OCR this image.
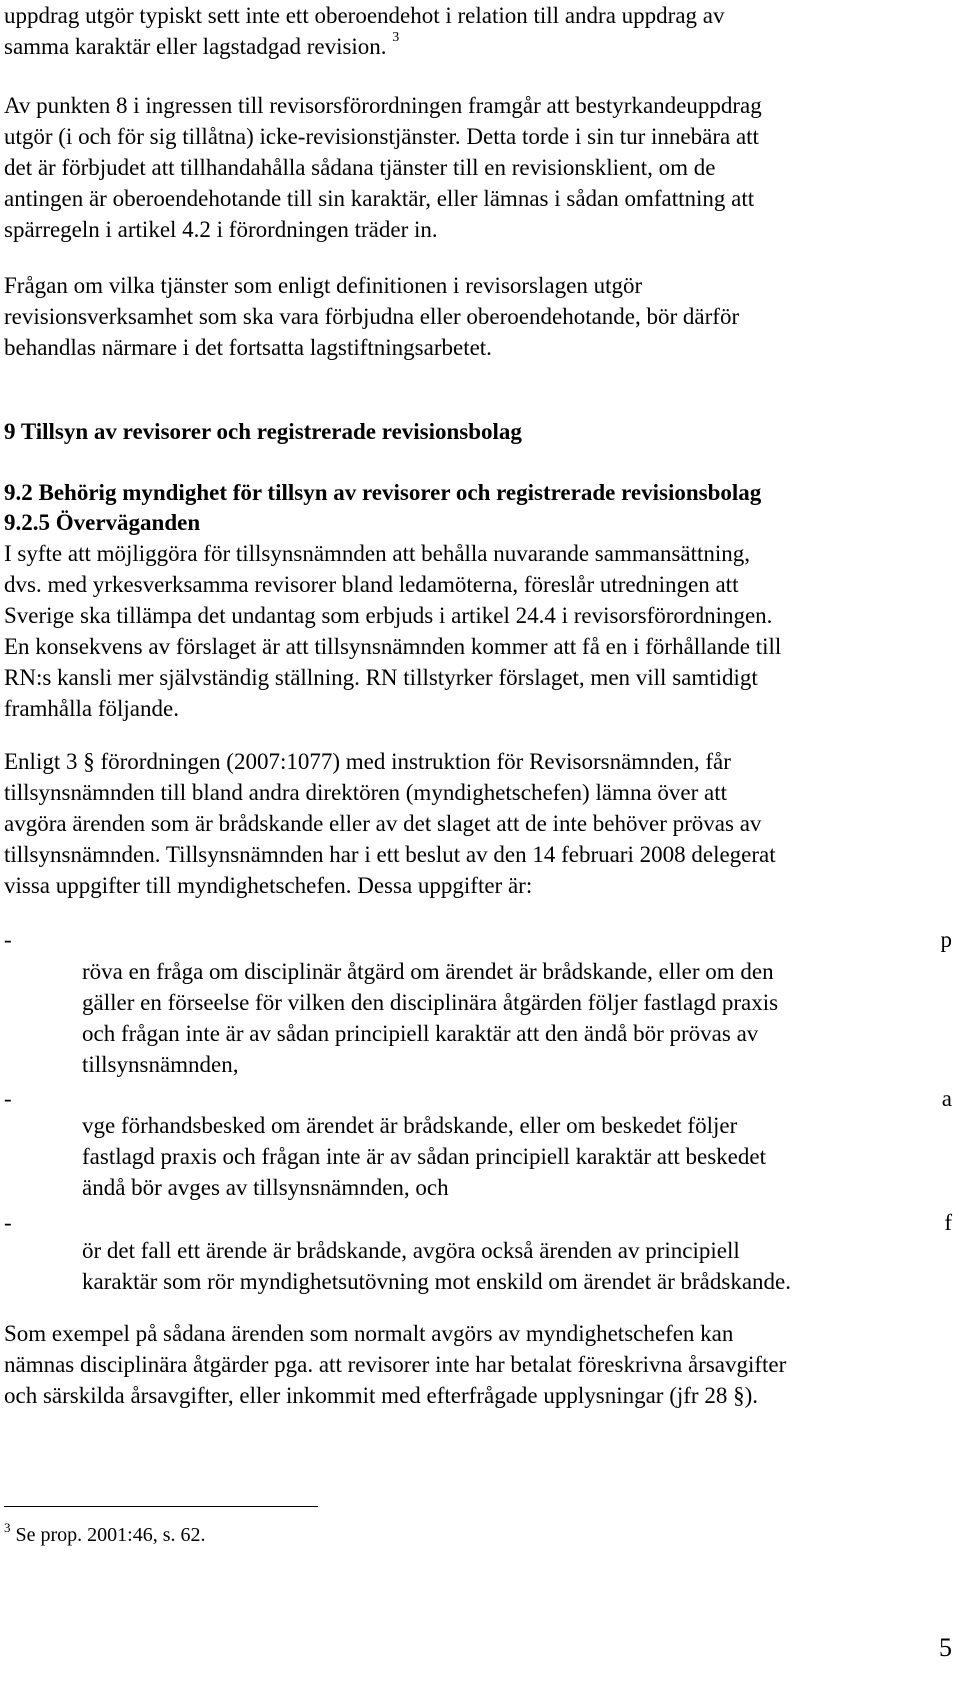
uppdrag utgör typiskt sett inte ett oberoendehot i relation till andra uppdrag av
samma karaktär eller lagstadgad revision. $^3$
Av punkten 8 i ingressen till revisorsförordningen framgår att bestyrkandeuppdrag
utgör (i och för sig tillåtna) icke-revisionstjänster. Detta torde i sin tur innebära att
det är förbjudet att tillhandahålla sådana tjänster till en revisionsklient, om de
antingen är oberoendehotande till sin karaktär, eller lämnas i sådan omfattning att
spärregeln i artikel 4.2 i förordningen träder in.
Frågan om vilka tjänster som enligt definitionen i revisorslagen utgör
revisionsverksamhet som ska vara förbjudna eller oberoendehotande, bör därför
behandlas närmare i det fortsatta lagstiftningsarbetet.
9 Tillsyn av revisorer och registrerade revisionsbolag
9.2 Behörig myndighet för tillsyn av revisorer och registrerade revisionsbolag
9.2.5 Överväganden
I syfte att möjliggöra för tillsynsnämnden att behålla nuvarande sammansättning,
dvs. med yrkesverksamma revisorer bland ledamöterna, föreslår utredningen att
Sverige ska tillämpa det undantag som erbjuds i artikel 24.4 i revisorsförordningen.
En konsekvens av förslaget är att tillsynsnämnden kommer att få en i förhållande till
RN:s kansli mer självständig ställning. RN tillstyrker förslaget, men vill samtidigt
framhålla följande.
Enligt 3 § förordningen (2007:1077) med instruktion för Revisorsnämnden, får
tillsynsnämnden till bland andra direktören (myndighetschefen) lämna över att
avgöra ärenden som är brådskande eller av det slaget att de inte behöver prövas av
tillsynsnämnden. Tillsynsnämnden har i ett beslut av den 14 februari 2008 delegerat
vissa uppgifter till myndighetschefen. Dessa uppgifter är:
-	p
röva en fråga om disciplinär åtgärd om ärendet är brådskande, eller om den
gäller en förseelse för vilken den disciplinära åtgärden följer fastlagd praxis
och frågan inte är av sådan principiell karaktär att den ändå bör prövas av
tillsynsnämnden,
-	a
vge förhandsbesked om ärendet är brådskande, eller om beskedet följer
fastlagd praxis och frågan inte är av sådan principiell karaktär att beskedet
ändå bör avges av tillsynsnämnden, och
-	f
ör det fall ett ärende är brådskande, avgöra också ärenden av principiell
karaktär som rör myndighetsutövning mot enskild om ärendet är brådskande.
Som exempel på sådana ärenden som normalt avgörs av myndighetschefen kan
nämnas disciplinära åtgärder pga. att revisorer inte har betalat föreskrivna årsavgifter
och särskilda årsavgifter, eller inkommit med efterfrågade upplysningar (jfr 28 §).
$^3$ Se prop. 2001:46, s. 62.
5
